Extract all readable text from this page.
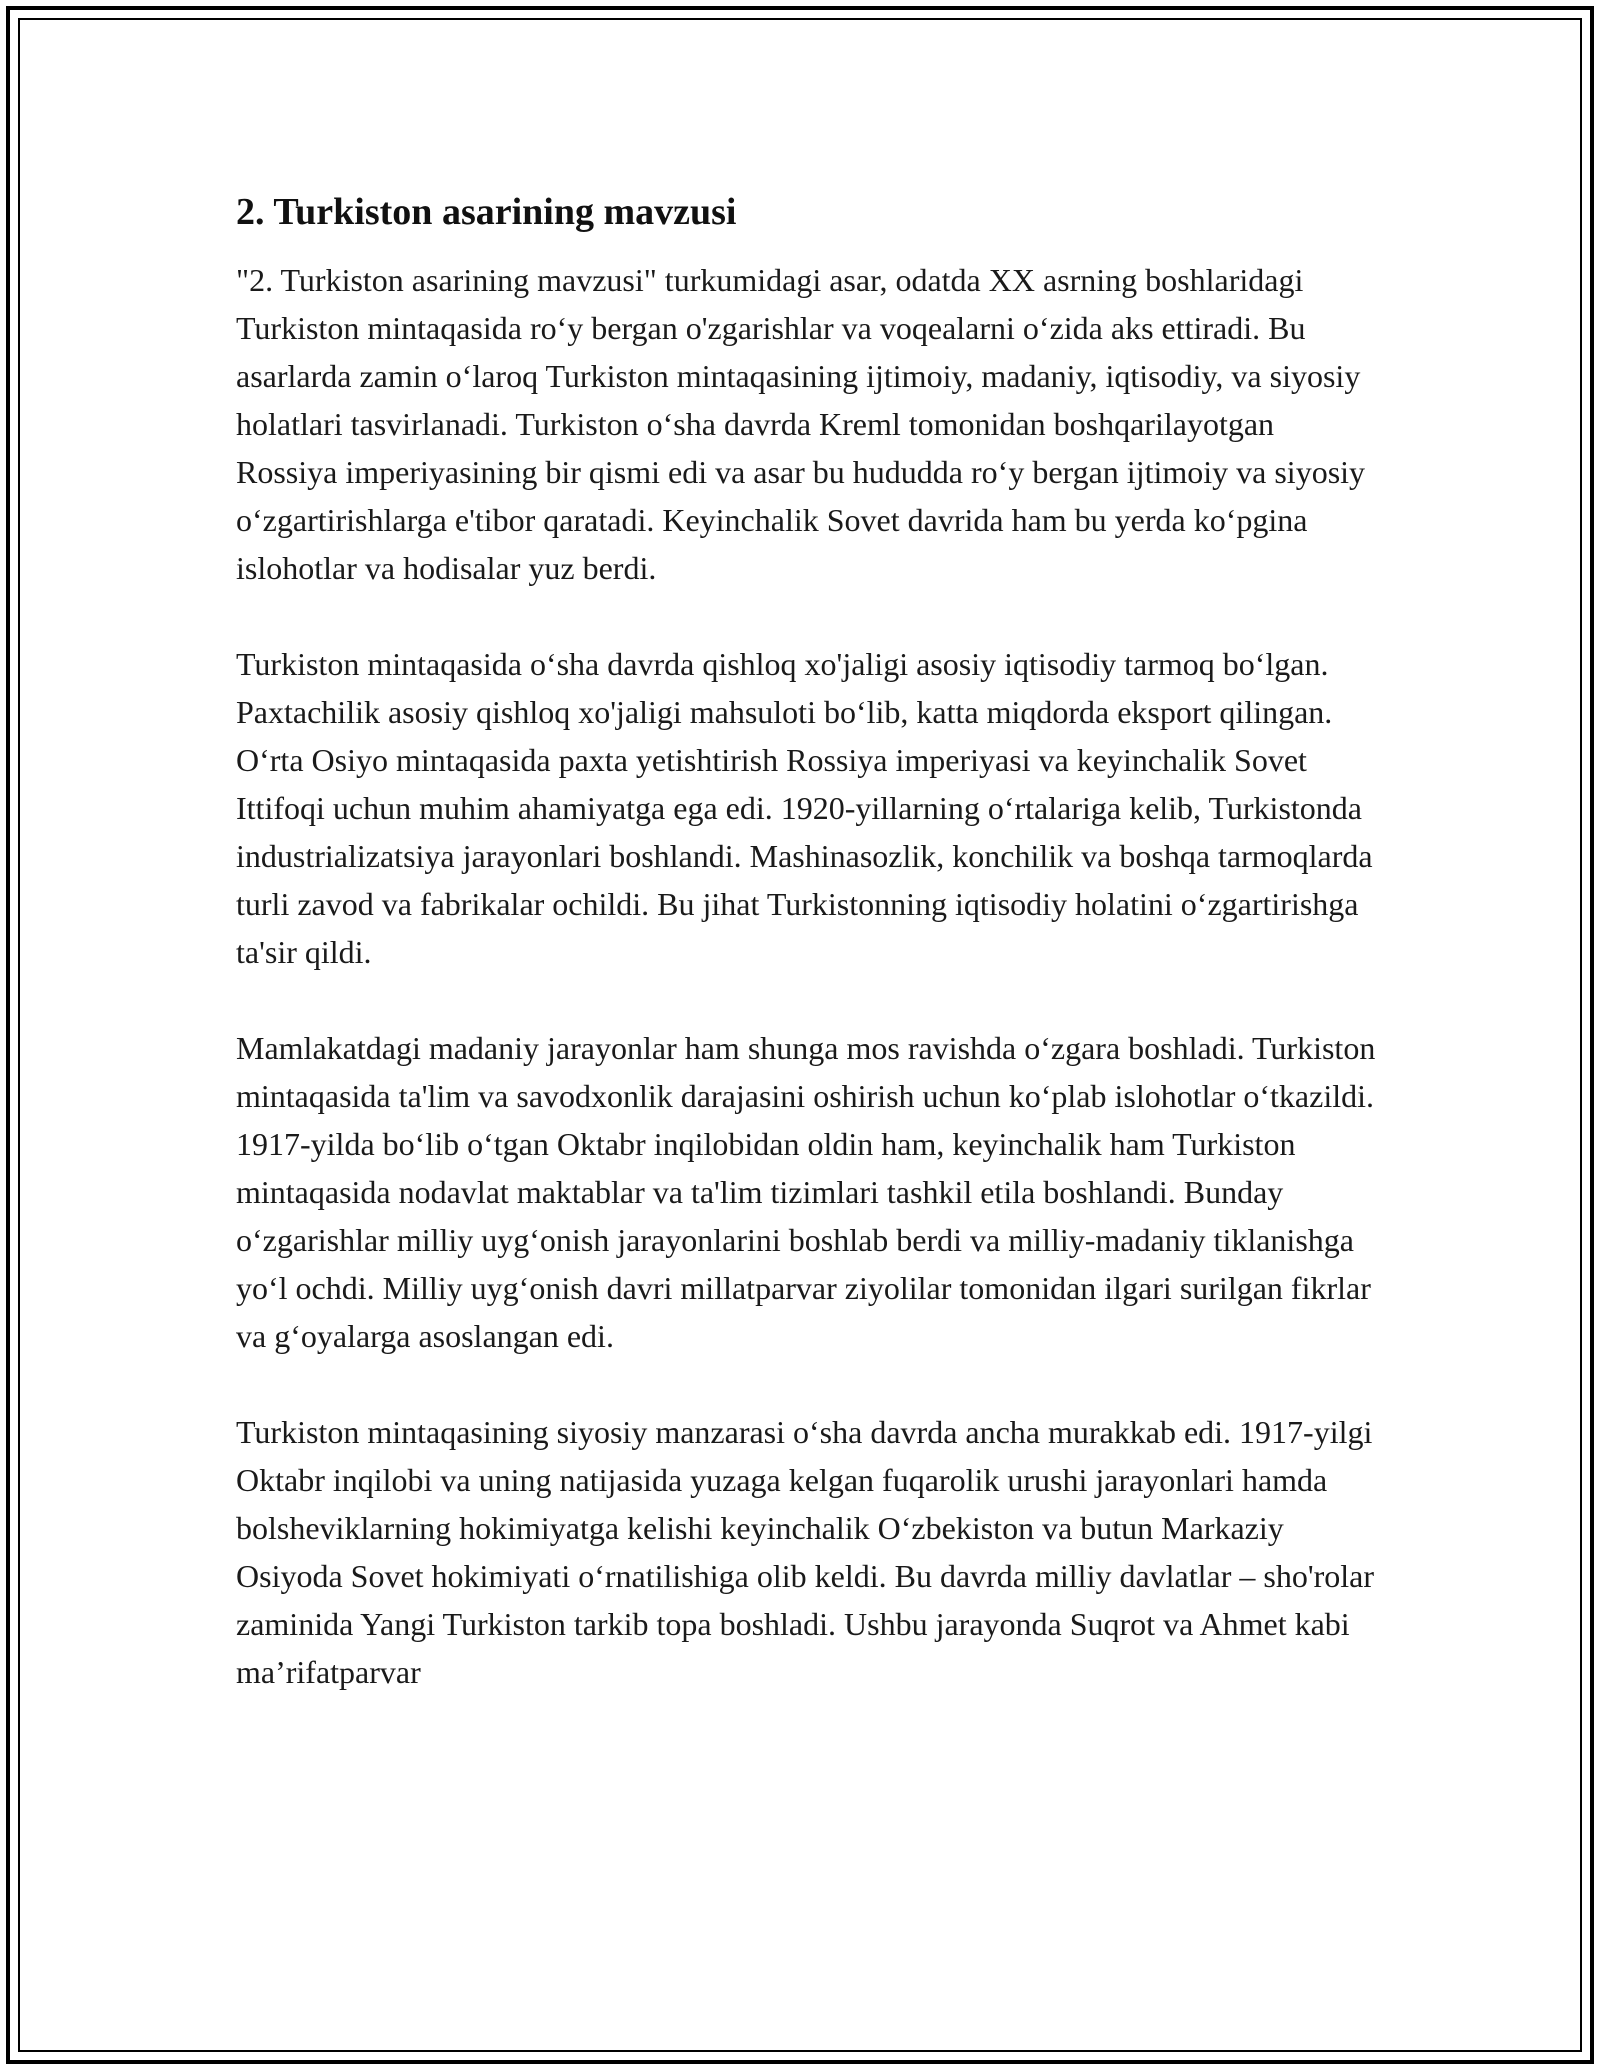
2. Turkiston asarining mavzusi

"2. Turkiston asarining mavzusi" turkumidagi asar, odatda XX asrning boshlaridagi Turkiston mintaqasida ro‘y bergan o'zgarishlar va voqealarni o‘zida aks ettiradi. Bu asarlarda zamin o‘laroq Turkiston mintaqasining ijtimoiy, madaniy, iqtisodiy, va siyosiy holatlari tasvirlanadi. Turkiston o‘sha davrda Kreml tomonidan boshqarilayotgan Rossiya imperiyasining bir qismi edi va asar bu hududda ro‘y bergan ijtimoiy va siyosiy o‘zgartirishlarga e'tibor qaratadi. Keyinchalik Sovet davrida ham bu yerda ko‘pgina islohotlar va hodisalar yuz berdi.

Turkiston mintaqasida o‘sha davrda qishloq xo'jaligi asosiy iqtisodiy tarmoq bo‘lgan. Paxtachilik asosiy qishloq xo'jaligi mahsuloti bo‘lib, katta miqdorda eksport qilingan. O‘rta Osiyo mintaqasida paxta yetishtirish Rossiya imperiyasi va keyinchalik Sovet Ittifoqi uchun muhim ahamiyatga ega edi. 1920-yillarning o‘rtalariga kelib, Turkistonda industrializatsiya jarayonlari boshlandi. Mashinasozlik, konchilik va boshqa tarmoqlarda turli zavod va fabrikalar ochildi. Bu jihat Turkistonning iqtisodiy holatini o‘zgartirishga ta'sir qildi.

Mamlakatdagi madaniy jarayonlar ham shunga mos ravishda o‘zgara boshladi. Turkiston mintaqasida ta'lim va savodxonlik darajasini oshirish uchun ko‘plab islohotlar o‘tkazildi. 1917-yilda bo‘lib o‘tgan Oktabr inqilobidan oldin ham, keyinchalik ham Turkiston mintaqasida nodavlat maktablar va ta'lim tizimlari tashkil etila boshlandi. Bunday o‘zgarishlar milliy uyg‘onish jarayonlarini boshlab berdi va milliy-madaniy tiklanishga yo‘l ochdi. Milliy uyg‘onish davri millatparvar ziyolilar tomonidan ilgari surilgan fikrlar va g‘oyalarga asoslangan edi.

Turkiston mintaqasining siyosiy manzarasi o‘sha davrda ancha murakkab edi. 1917-yilgi Oktabr inqilobi va uning natijasida yuzaga kelgan fuqarolik urushi jarayonlari hamda bolsheviklarning hokimiyatga kelishi keyinchalik O‘zbekiston va butun Markaziy Osiyoda Sovet hokimiyati o‘rnatilishiga olib keldi. Bu davrda milliy davlatlar – sho'rolar zaminida Yangi Turkiston tarkib topa boshladi. Ushbu jarayonda Suqrot va Ahmet kabi ma’rifatparvar
